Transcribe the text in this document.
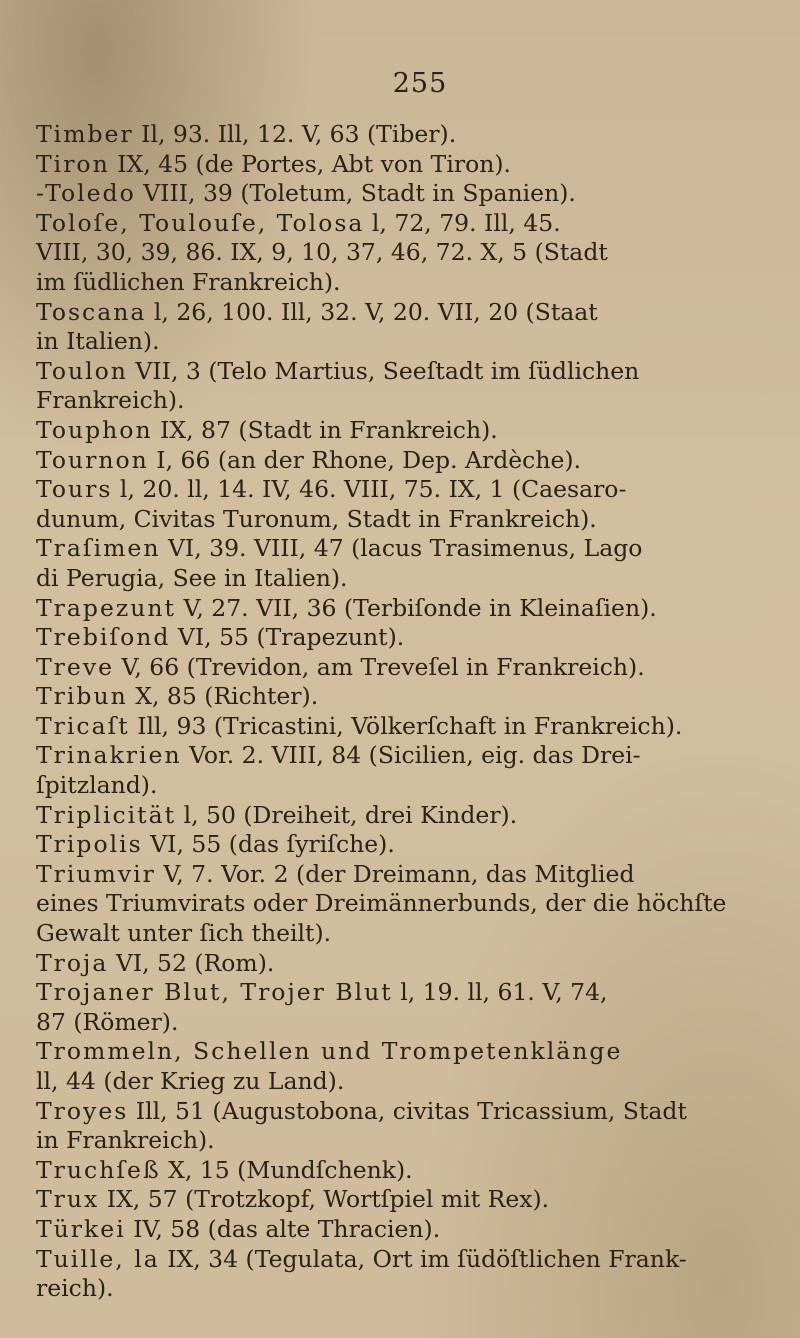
255
Timber Il, 93. Ill, 12. V, 63 (Tiber).
Tiron IX, 45 (de Portes, Abt von Tiron).
-Toledo VIII, 39 (Toletum, Stadt in Spanien).
Toloſe, Toulouſe, Tolosa l, 72, 79. Ill, 45.
VIII, 30, 39, 86. IX, 9, 10, 37, 46, 72. X, 5 (Stadt
im ſüdlichen Frankreich).
Toscana l, 26, 100. Ill, 32. V, 20. VII, 20 (Staat
in Italien).
Toulon VII, 3 (Telo Martius, Seeſtadt im ſüdlichen
Frankreich).
Touphon IX, 87 (Stadt in Frankreich).
Tournon I, 66 (an der Rhone, Dep. Ardèche).
Tours l, 20. ll, 14. IV, 46. VIII, 75. IX, 1 (Caesaro-
dunum, Civitas Turonum, Stadt in Frankreich).
Traſimen VI, 39. VIII, 47 (lacus Trasimenus, Lago
di Perugia, See in Italien).
Trapezunt V, 27. VII, 36 (Terbiſonde in Kleinaſien).
Trebiſond VI, 55 (Trapezunt).
Treve V, 66 (Trevidon, am Treveſel in Frankreich).
Tribun X, 85 (Richter).
Tricaſt Ill, 93 (Tricastini, Völkerſchaft in Frankreich).
Trinakrien Vor. 2. VIII, 84 (Sicilien, eig. das Drei-
ſpitzland).
Triplicität l, 50 (Dreiheit, drei Kinder).
Tripolis VI, 55 (das ſyriſche).
Triumvir V, 7. Vor. 2 (der Dreimann, das Mitglied
eines Triumvirats oder Dreimännerbunds, der die höchſte
Gewalt unter ſich theilt).
Troja VI, 52 (Rom).
Trojaner Blut, Trojer Blut l, 19. ll, 61. V, 74,
87 (Römer).
Trommeln, Schellen und Trompetenklänge
ll, 44 (der Krieg zu Land).
Troyes Ill, 51 (Augustobona, civitas Tricassium, Stadt
in Frankreich).
Truchſeß X, 15 (Mundſchenk).
Trux IX, 57 (Trotzkopf, Wortſpiel mit Rex).
Türkei IV, 58 (das alte Thracien).
Tuille, la IX, 34 (Tegulata, Ort im ſüdöſtlichen Frank-
reich).
